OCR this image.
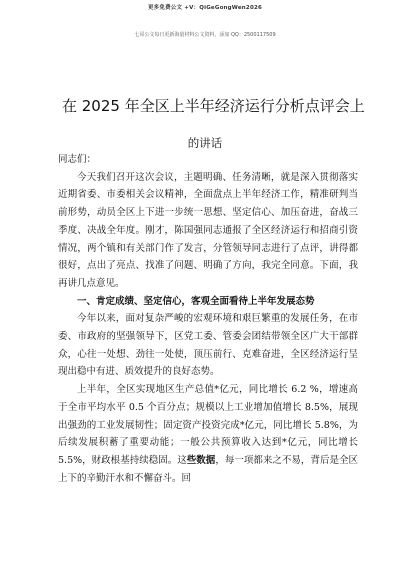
更多免费公文 +V：QiGeGongWen2026
七哥公文每日更新海量材料公文资料，添加 QQ：2500117509
在 2025 年全区上半年经济运行分析点评会上
的讲话

同志们：

今天我们召开这次会议，主题明确、任务清晰，就是深入贯彻落实近期省委、市委相关会议精神，全面盘点上半年经济工作，精准研判当前形势，动员全区上下进一步统一思想、坚定信心、加压奋进，奋战三季度、决战全年度。刚才，陈国强同志通报了全区经济运行和招商引资情况，两个镇和有关部门作了发言，分管领导同志进行了点评，讲得都很好，点出了亮点、找准了问题、明确了方向，我完全同意。下面，我再讲几点意见。

一、肯定成绩、坚定信心，客观全面看待上半年发展态势

今年以来，面对复杂严峻的宏观环境和艰巨繁重的发展任务，在市委、市政府的坚强领导下，区党工委、管委会团结带领全区广大干部群众，心往一处想、劲往一处使，顶压前行、克难奋进，全区经济运行呈现出稳中有进、质效提升的良好态势。

上半年，全区实现地区生产总值*亿元，同比增长 6.2 %，增速高于全市平均水平 0.5 个百分点；规模以上工业增加值增长 8.5%，展现出强劲的工业发展韧性；固定资产投资完成*亿元，同比增长 5.8%，为后续发展积蓄了重要动能；一般公共预算收入达到*亿元，同比增长 5.5%，财政根基持续稳固。这些数据，每一项都来之不易，背后是全区上下的辛勤汗水和不懈奋斗。回
